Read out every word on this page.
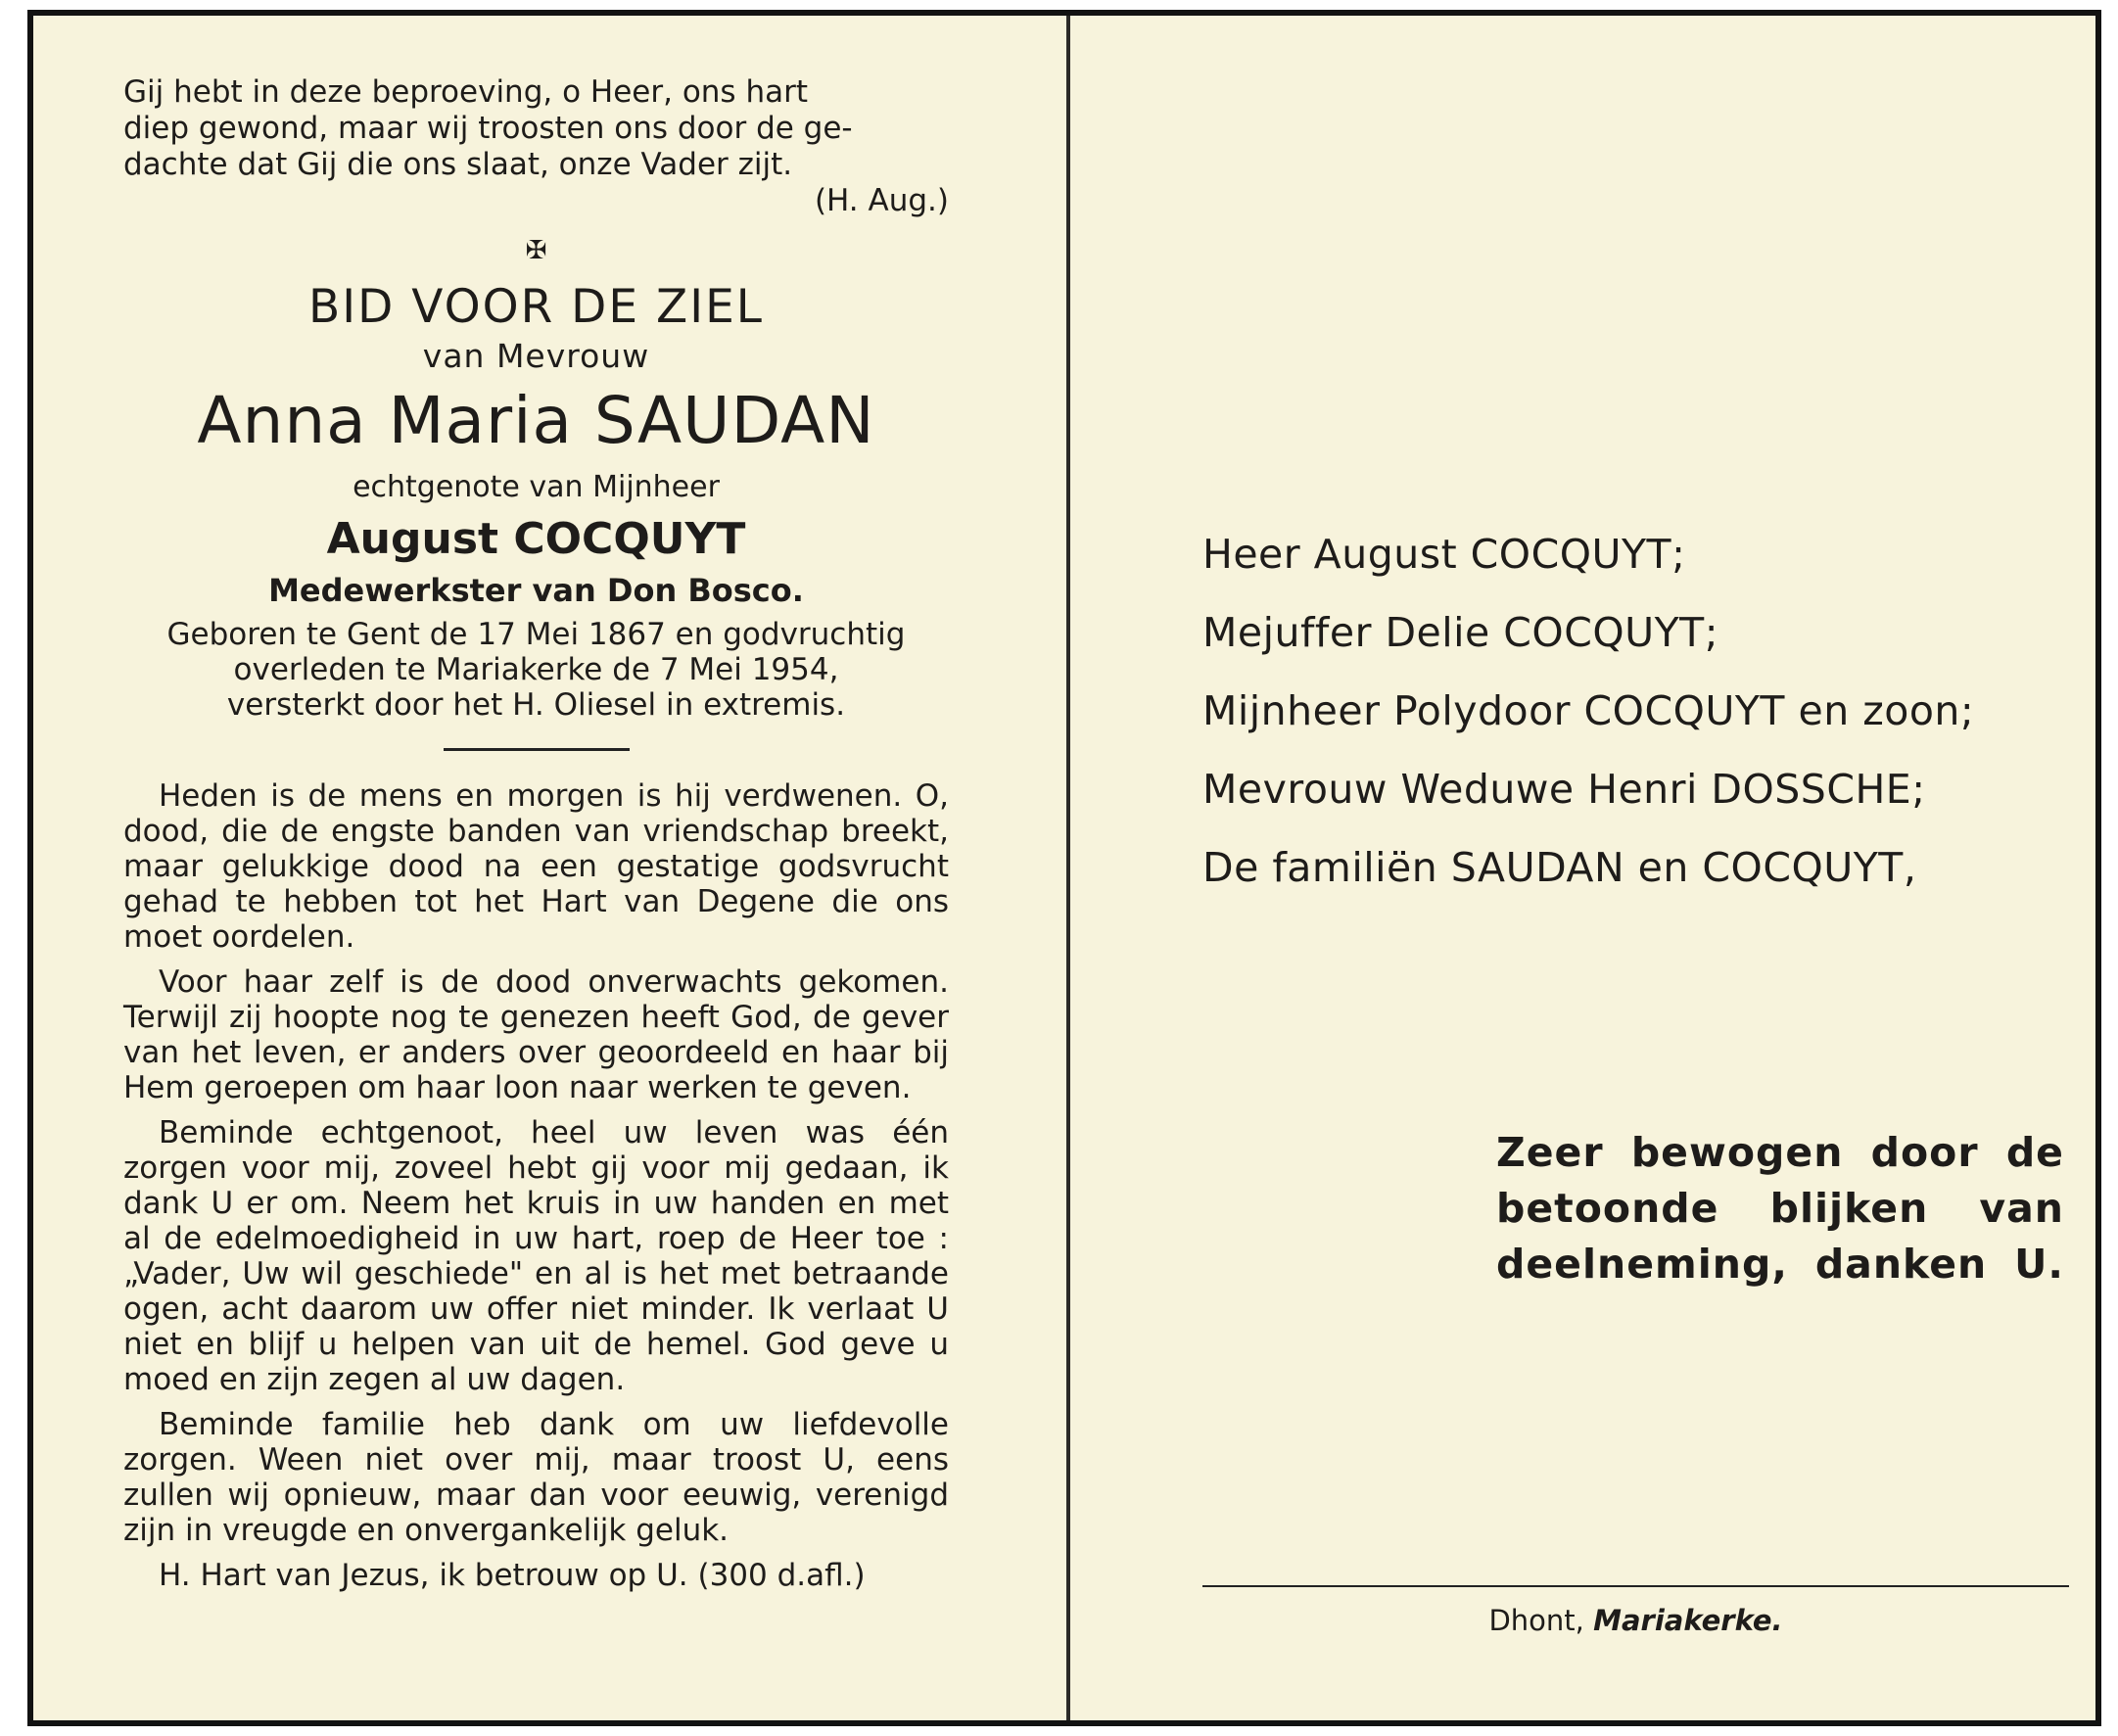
Gij hebt in deze beproeving, o Heer, ons hart

diep gewond, maar wij troosten ons door de ge-

dachte dat Gij die ons slaat, onze Vader zijt.

(H. Aug.)
✠
BID VOOR DE ZIEL
van Mevrouw
Anna Maria SAUDAN
echtgenote van Mijnheer
August COCQUYT
Medewerkster van Don Bosco.
Geboren te Gent de 17 Mei 1867 en godvruchtig
overleden te Mariakerke de 7 Mei 1954,
versterkt door het H. Oliesel in extremis.

Heden is de mens en morgen is hij verdwenen. O, dood, die de engste banden van vriendschap breekt, maar gelukkige dood na een gestatige godsvrucht gehad te hebben tot het Hart van Degene die ons moet oordelen.

Voor haar zelf is de dood onverwachts gekomen. Terwijl zij hoopte nog te genezen heeft God, de gever van het leven, er anders over geoordeeld en haar bij Hem geroepen om haar loon naar werken te geven.

Beminde echtgenoot, heel uw leven was één zorgen voor mij, zoveel hebt gij voor mij gedaan, ik dank U er om. Neem het kruis in uw handen en met al de edelmoedigheid in uw hart, roep de Heer toe : „Vader, Uw wil geschiede" en al is het met betraande ogen, acht daarom uw offer niet minder. Ik verlaat U niet en blijf u helpen van uit de hemel. God geve u moed en zijn zegen al uw dagen.

Beminde familie heb dank om uw liefdevolle zorgen. Ween niet over mij, maar troost U, eens zullen wij opnieuw, maar dan voor eeuwig, verenigd zijn in vreugde en onvergankelijk geluk.

H. Hart van Jezus, ik betrouw op U. (300 d.afl.)

Heer August COCQUYT;
Mejuffer Delie COCQUYT;
Mijnheer Polydoor COCQUYT en zoon;
Mevrouw Weduwe Henri DOSSCHE;
De familiën SAUDAN en COCQUYT,
Zeer bewogen door de
betoonde blijken van
deelneming, danken U.
Dhont, Mariakerke.
